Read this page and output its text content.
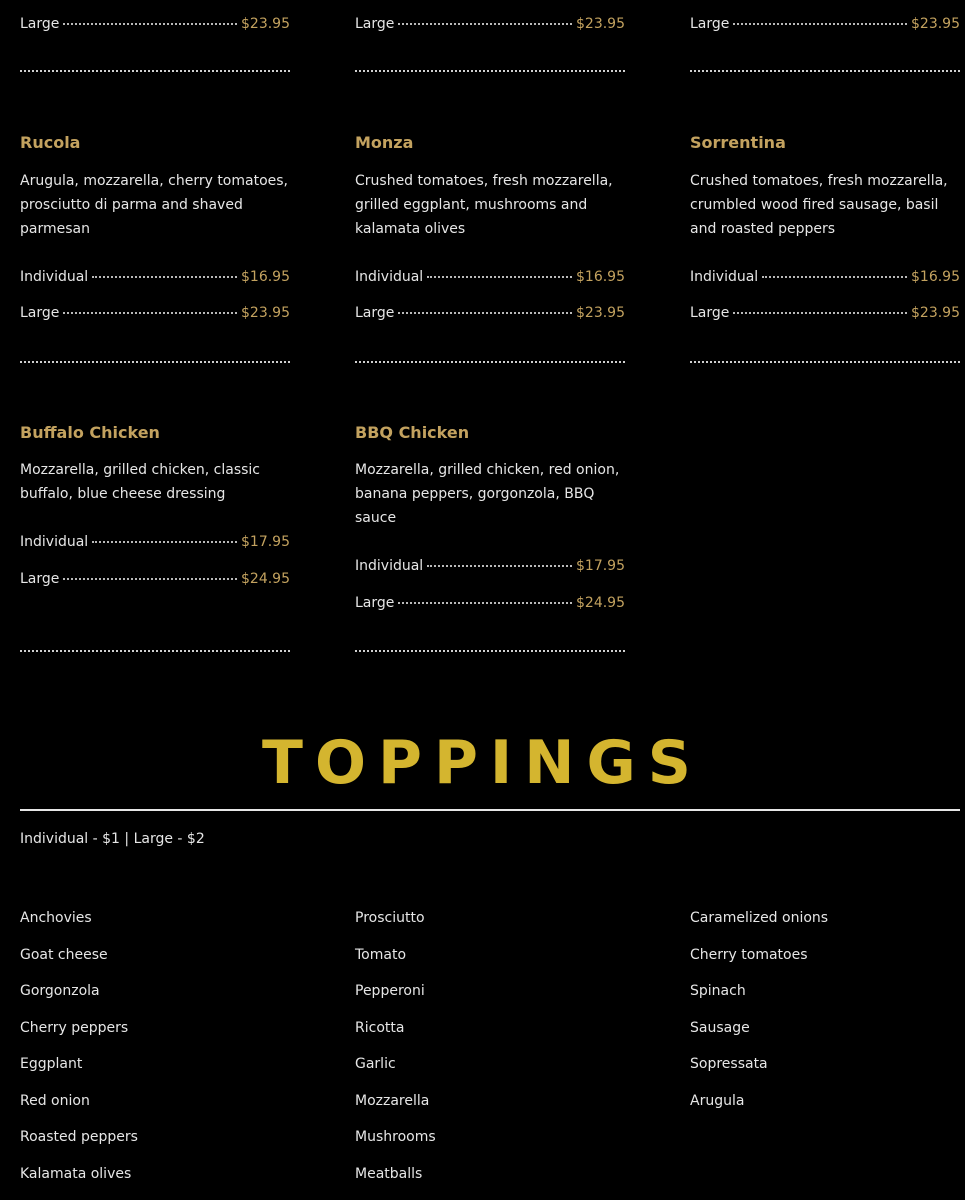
Large	$23.95
Rucola
Arugula, mozzarella, cherry tomatoes, prosciutto di parma and shaved parmesan
Individual	$16.95
Large	$23.95
Buffalo Chicken
Mozzarella, grilled chicken, classic buffalo, blue cheese dressing
Individual	$17.95
Large	$24.95
Large	$23.95
Monza
Crushed tomatoes, fresh mozzarella, grilled eggplant, mushrooms and kalamata olives
Individual	$16.95
Large	$23.95
BBQ Chicken
Mozzarella, grilled chicken, red onion, banana peppers, gorgonzola, BBQ sauce
Individual	$17.95
Large	$24.95
Large	$23.95
Sorrentina
Crushed tomatoes, fresh mozzarella, crumbled wood fired sausage, basil and roasted peppers
Individual	$16.95
Large	$23.95
TOPPINGS
Individual - $1 | Large - $2
Anchovies
Goat cheese
Gorgonzola
Cherry peppers
Eggplant
Red onion
Roasted peppers
Kalamata olives
Prosciutto
Tomato
Pepperoni
Ricotta
Garlic
Mozzarella
Mushrooms
Meatballs
Caramelized onions
Cherry tomatoes
Spinach
Sausage
Sopressata
Arugula
